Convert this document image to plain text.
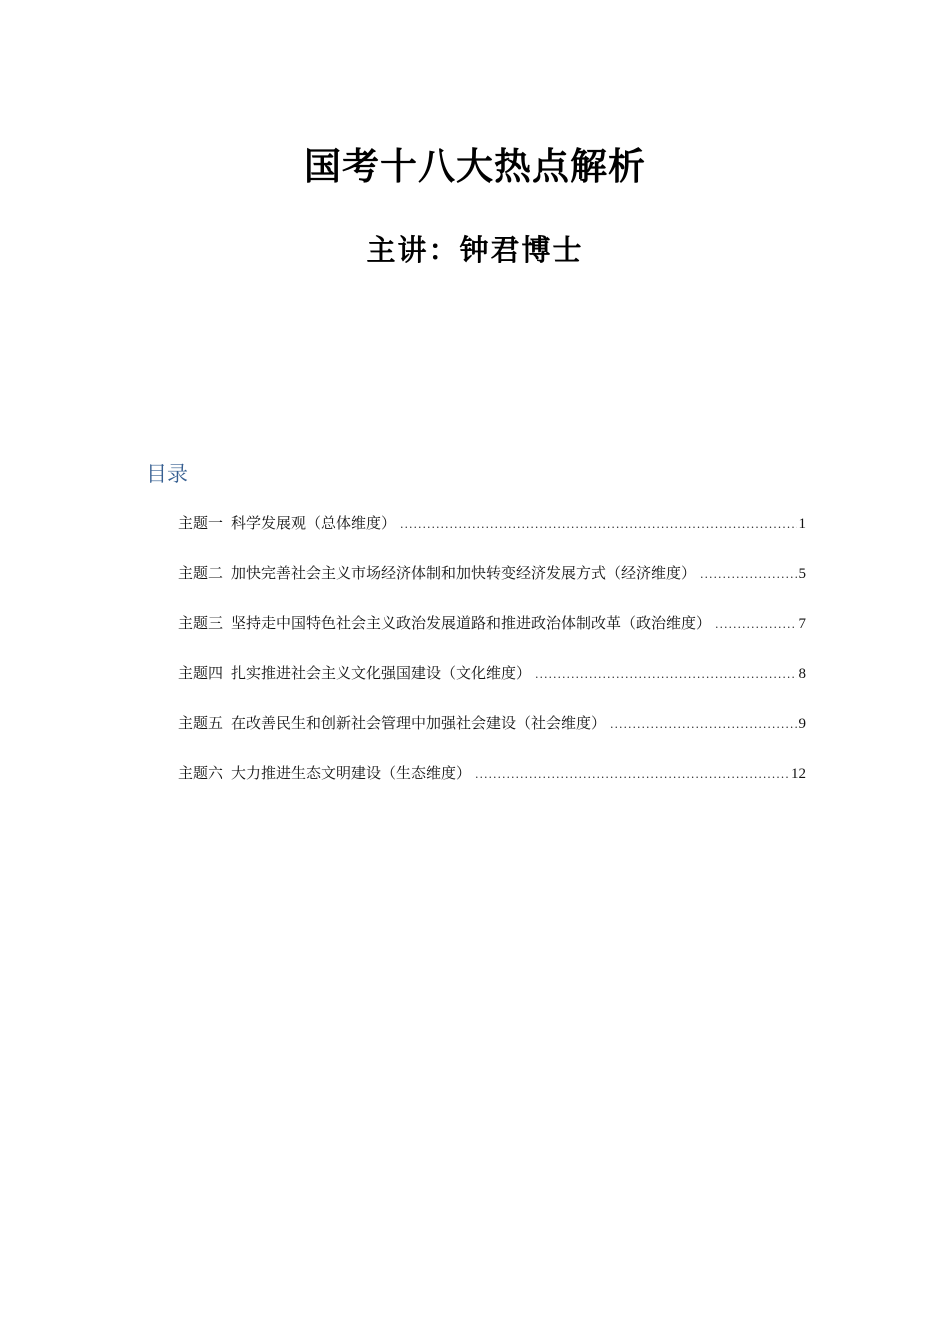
国考十八大热点解析
主讲：钟君博士
目录
主题一 科学发展观（总体维度） .....	1
主题二 加快完善社会主义市场经济体制和加快转变经济发展方式（经济维度） .....	5
主题三 坚持走中国特色社会主义政治发展道路和推进政治体制改革（政治维度） .....	7
主题四 扎实推进社会主义文化强国建设（文化维度） .....	8
主题五 在改善民生和创新社会管理中加强社会建设（社会维度） .....	9
主题六 大力推进生态文明建设（生态维度） .....	12
